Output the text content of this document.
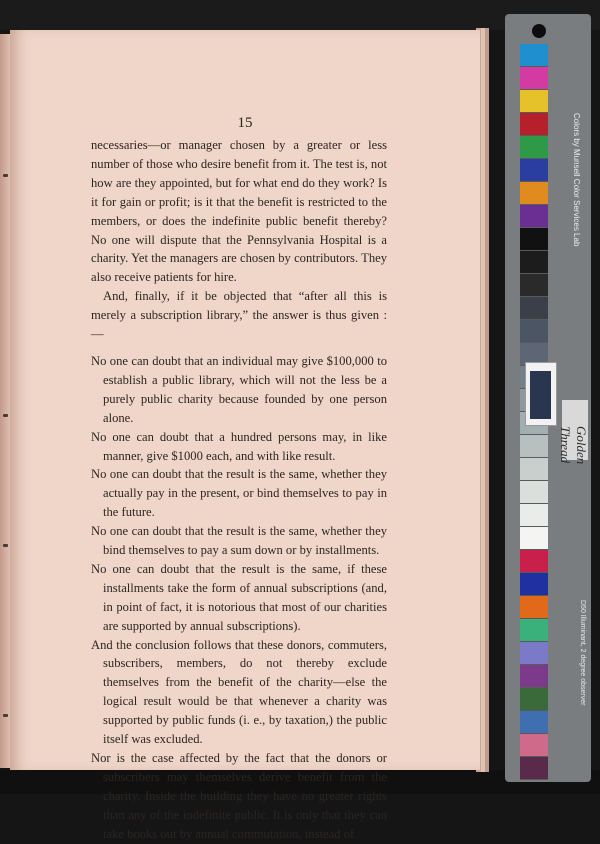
15

necessaries—or manager chosen by a greater or less number of those who desire benefit from it. The test is, not how are they appointed, but for what end do they work? Is it for gain or profit; is it that the benefit is restricted to the members, or does the indefinite public benefit thereby? No one will dispute that the Pennsylvania Hospital is a charity. Yet the managers are chosen by contributors. They also receive patients for hire.

And, finally, if it be objected that “after all this is merely a subscription library,” the answer is thus given :—

No one can doubt that an individual may give $100,000 to establish a public library, which will not the less be a purely public charity because founded by one person alone.

No one can doubt that a hundred persons may, in like manner, give $1000 each, and with like result.

No one can doubt that the result is the same, whether they actually pay in the present, or bind themselves to pay in the future.

No one can doubt that the result is the same, whether they bind themselves to pay a sum down or by installments.

No one can doubt that the result is the same, if these installments take the form of annual subscriptions (and, in point of fact, it is notorious that most of our charities are supported by annual subscriptions).

And the conclusion follows that these donors, commuters, subscribers, members, do not thereby exclude themselves from the benefit of the charity—else the logical result would be that whenever a charity was supported by public funds (i. e., by taxation,) the public itself was excluded.

Nor is the case affected by the fact that the donors or subscribers may themselves derive benefit from the charity. Inside the building they have no greater rights than any of the indefinite public. It is only that they can take books out by annual commutation, instead of

Colors by Munsell Color Services Lab
Golden Thread
D50 Illuminant, 2 degree observer
